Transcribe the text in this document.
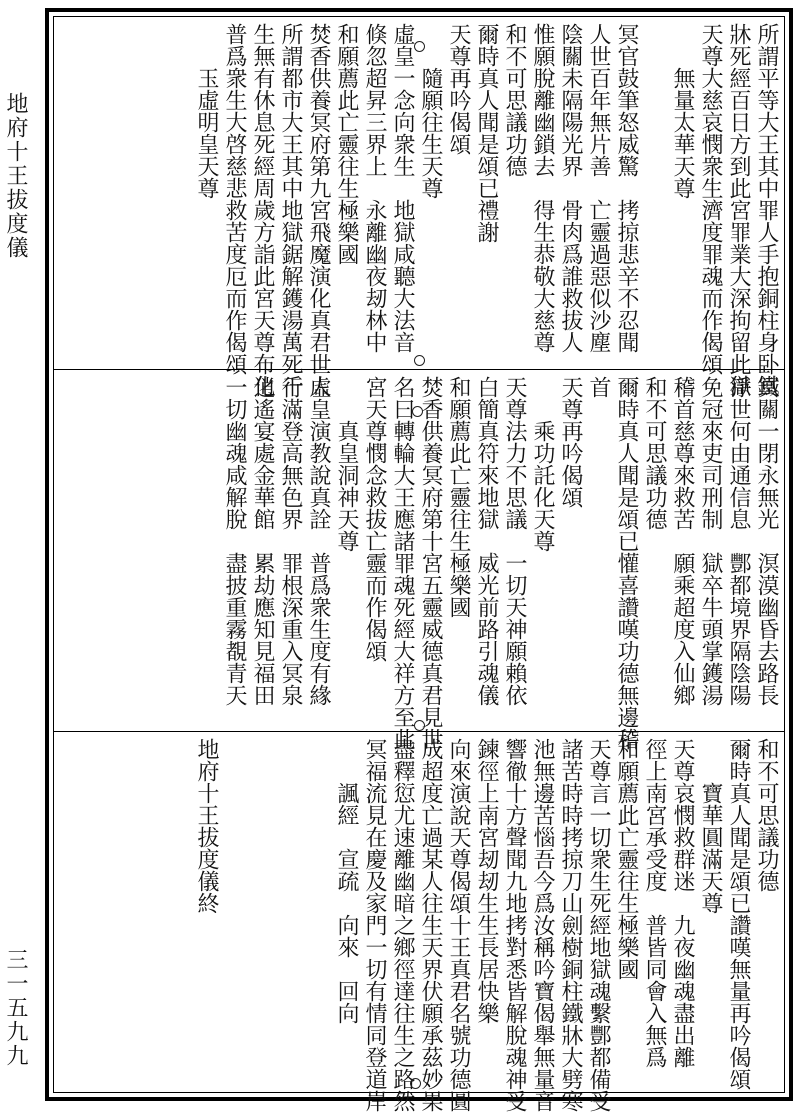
地府十王拔度儀
三一五九九
所謂平等大王其中罪人手抱銅柱身卧鐵
牀死經百日方到此宮罪業大深拘留此獄
天尊大慈哀憫衆生濟度罪魂而作偈頌
　　無量太華天尊

冥官鼓筆怒威驚　拷掠悲辛不忍聞
人世百年無片善　亡靈過惡似沙塵
陰關未隔陽光界　骨肉爲誰救拔人
惟願脫離幽鎖去　得生恭敬大慈尊
和不可思議功德
爾時真人聞是頌已禮謝
天尊再吟偈頌
　　隨願往生天尊
虛皇一念向衆生　地獄咸聽大法音
倏忽超昇三界上　永離幽夜刼林中
和願薦此亡靈往生極樂國
焚香供養冥府第九宮飛魔演化真君世人
所謂都市大王其中地獄鋸解鑊湯萬死千
生無有休息死經周歲方詣此宮天尊布化
普爲衆生大啓慈悲救苦度厄而作偈頌
　　玉虛明皇天尊
冥關一閉永無光　溟漠幽昏去路長
淨世何由通信息　酆都境界隔陰陽
免冠來吏司刑制　獄卒牛頭掌鑊湯
稽首慈尊來救苦　願乘超度入仙鄉
和不可思議功德
爾時真人聞是頌已懽喜讚嘆功德無邊稽
首
天尊再吟偈頌
　　乘功託化天尊
天尊法力不思議　一切天神願賴依
白簡真符來地獄　威光前路引魂儀
和願薦此亡靈往生極樂國
焚香供養冥府第十宮五靈威德真君見世
名曰轉輪大王應諸罪魂死經大祥方至此
宮天尊憫念救拔亡靈而作偈頌
　　真皇洞神天尊
虛皇演教說真詮　普爲衆生度有緣
行滿登高無色界　罪根深重入冥泉
逍遙宴處金華館　累劫應知見福田
一切幽魂咸解脫　盡披重霧覩青天
和不可思議功德
爾時真人聞是頌已讚嘆無量再吟偈頌
　　寶華圓滿天尊
天尊哀憫救群迷　九夜幽魂盡出離
徑上南宮承受度　普皆同會入無爲
和願薦此亡靈往生極樂國
天尊言一切衆生死經地獄魂繫酆都備受
諸苦時時拷掠刀山劍樹銅柱鐵牀大劈寒
池無邊苦惱吾今爲汝稱吟寶偈舉無量音
響徹十方聲聞九地拷對悉皆解脫魂神受
鍊徑上南宮刼刼生生長居快樂
向來演說天尊偈頌十王真君名號功德圓
成超度亡過某人往生天界伏願承茲妙果
盡釋愆尤速離幽暗之鄉徑達往生之路然
冥福流見在慶及家門一切有情同登道岸
　　諷經　宣疏　向來　回向

地府十王拔度儀終
